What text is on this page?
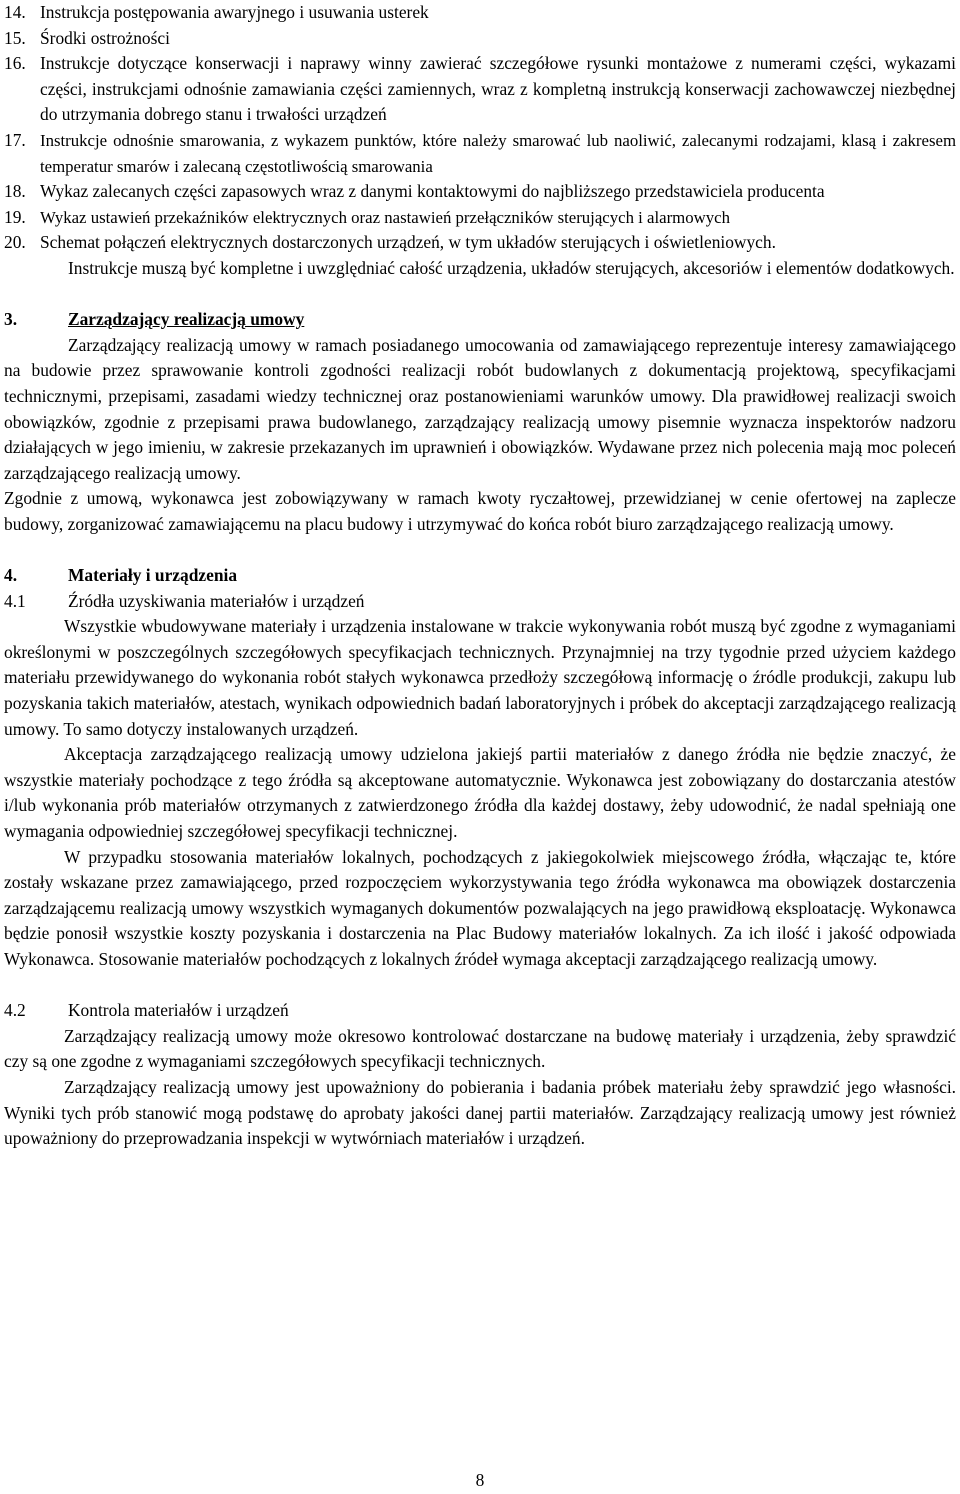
14. Instrukcja postępowania awaryjnego i usuwania usterek
15. Środki ostrożności
16. Instrukcje dotyczące konserwacji i naprawy winny zawierać szczegółowe rysunki montażowe z numerami części, wykazami części, instrukcjami odnośnie zamawiania części zamiennych, wraz z kompletną instrukcją konserwacji zachowawczej niezbędnej do utrzymania dobrego stanu i trwałości urządzeń
17. Instrukcje odnośnie smarowania, z wykazem punktów, które należy smarować lub naoliwić, zalecanymi rodzajami, klasą i zakresem temperatur smarów i zalecaną częstotliwością smarowania
18. Wykaz zalecanych części zapasowych wraz z danymi kontaktowymi do najbliższego przedstawiciela producenta
19. Wykaz ustawień przekaźników elektrycznych oraz nastawień przełączników sterujących i alarmowych
20. Schemat połączeń elektrycznych dostarczonych urządzeń, w tym układów sterujących i oświetleniowych.

Instrukcje muszą być kompletne i uwzględniać całość urządzenia, układów sterujących, akcesoriów i elementów dodatkowych.

3.	Zarządzający realizacją umowy

Zarządzający realizacją umowy w ramach posiadanego umocowania od zamawiającego reprezentuje interesy zamawiającego na budowie przez sprawowanie kontroli zgodności realizacji robót budowlanych z dokumentacją projektową, specyfikacjami technicznymi, przepisami, zasadami wiedzy technicznej oraz postanowieniami warunków umowy. Dla prawidłowej realizacji swoich obowiązków, zgodnie z przepisami prawa budowlanego, zarządzający realizacją umowy pisemnie wyznacza inspektorów nadzoru działających w jego imieniu, w zakresie przekazanych im uprawnień i obowiązków. Wydawane przez nich polecenia mają moc poleceń zarządzającego realizacją umowy.

Zgodnie z umową, wykonawca jest zobowiązywany w ramach kwoty ryczałtowej, przewidzianej w cenie ofertowej na zaplecze budowy, zorganizować zamawiającemu na placu budowy i utrzymywać do końca robót biuro zarządzającego realizacją umowy.

4.	Materiały i urządzenia
4.1	Źródła uzyskiwania materiałów i urządzeń

Wszystkie wbudowywane materiały i urządzenia instalowane w trakcie wykonywania robót muszą być zgodne z wymaganiami określonymi w poszczególnych szczegółowych specyfikacjach technicznych. Przynajmniej na trzy tygodnie przed użyciem każdego materiału przewidywanego do wykonania robót stałych wykonawca przedłoży szczegółową informację o źródle produkcji, zakupu lub pozyskania takich materiałów, atestach, wynikach odpowiednich badań laboratoryjnych i próbek do akceptacji zarządzającego realizacją umowy. To samo dotyczy instalowanych urządzeń.

Akceptacja zarządzającego realizacją umowy udzielona jakiejś partii materiałów z danego źródła nie będzie znaczyć, że wszystkie materiały pochodzące z tego źródła są akceptowane automatycznie. Wykonawca jest zobowiązany do dostarczania atestów i/lub wykonania prób materiałów otrzymanych z zatwierdzonego źródła dla każdej dostawy, żeby udowodnić, że nadal spełniają one wymagania odpowiedniej szczegółowej specyfikacji technicznej.

W przypadku stosowania materiałów lokalnych, pochodzących z jakiegokolwiek miejscowego źródła, włączając te, które zostały wskazane przez zamawiającego, przed rozpoczęciem wykorzystywania tego źródła wykonawca ma obowiązek dostarczenia zarządzającemu realizacją umowy wszystkich wymaganych dokumentów pozwalających na jego prawidłową eksploatację. Wykonawca będzie ponosił wszystkie koszty pozyskania i dostarczenia na Plac Budowy materiałów lokalnych. Za ich ilość i jakość odpowiada Wykonawca. Stosowanie materiałów pochodzących z lokalnych źródeł wymaga akceptacji zarządzającego realizacją umowy.

4.2	Kontrola materiałów i urządzeń

Zarządzający realizacją umowy może okresowo kontrolować dostarczane na budowę materiały i urządzenia, żeby sprawdzić czy są one zgodne z wymaganiami szczegółowych specyfikacji technicznych.

Zarządzający realizacją umowy jest upoważniony do pobierania i badania próbek materiału żeby sprawdzić jego własności. Wyniki tych prób stanowić mogą podstawę do aprobaty jakości danej partii materiałów. Zarządzający realizacją umowy jest również upoważniony do przeprowadzania inspekcji w wytwórniach materiałów i urządzeń.

8
